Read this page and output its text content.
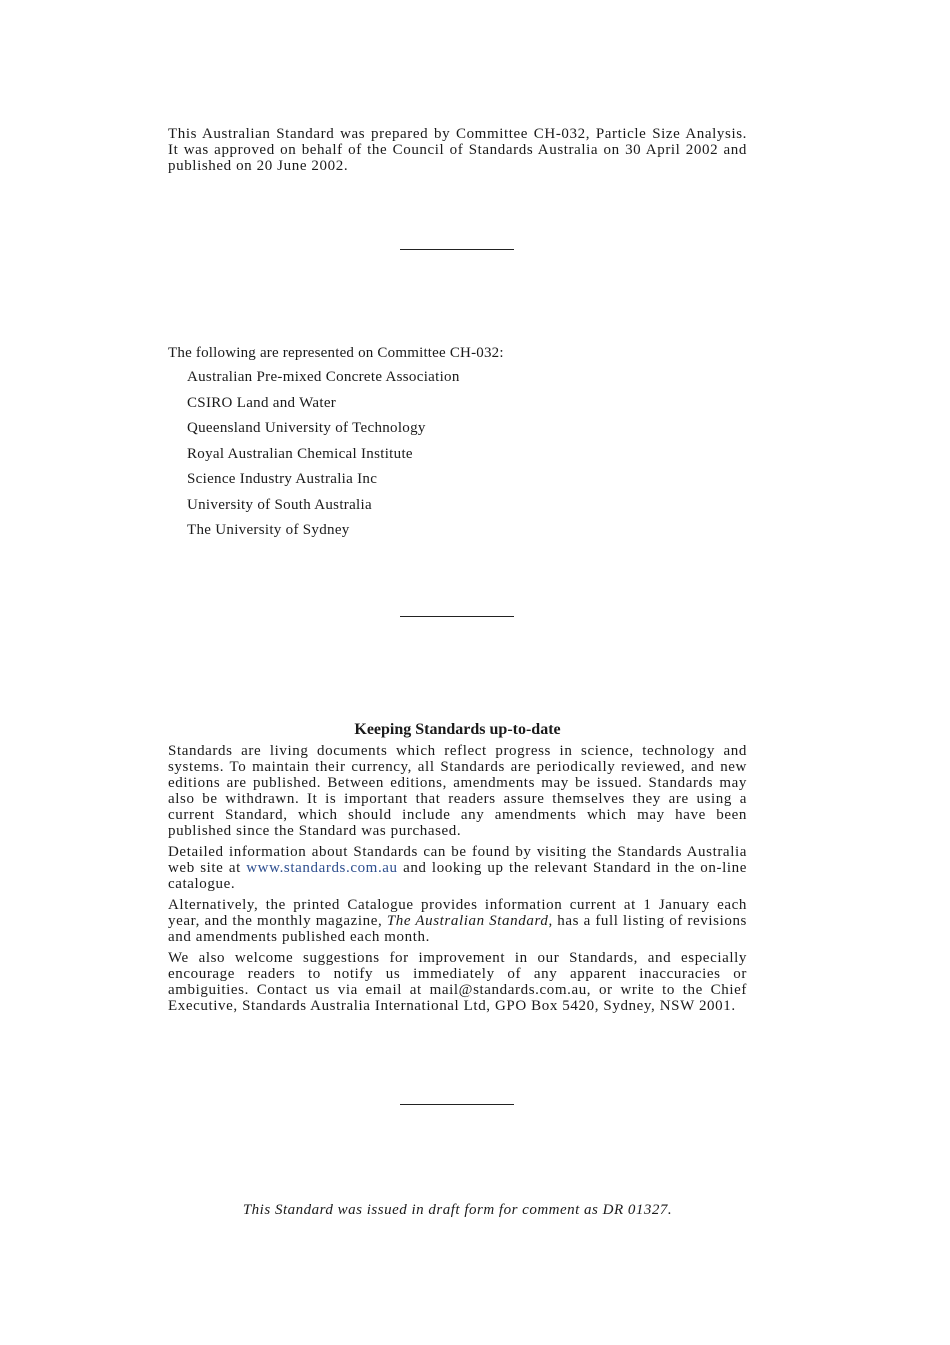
This Australian Standard was prepared by Committee CH-032, Particle Size Analysis. It was approved on behalf of the Council of Standards Australia on 30 April 2002 and published on 20 June 2002.
The following are represented on Committee CH-032:
Australian Pre-mixed Concrete Association
CSIRO Land and Water
Queensland University of Technology
Royal Australian Chemical Institute
Science Industry Australia Inc
University of South Australia
The University of Sydney
Keeping Standards up-to-date

Standards are living documents which reflect progress in science, technology and systems. To maintain their currency, all Standards are periodically reviewed, and new editions are published. Between editions, amendments may be issued. Standards may also be withdrawn. It is important that readers assure themselves they are using a current Standard, which should include any amendments which may have been published since the Standard was purchased.

Detailed information about Standards can be found by visiting the Standards Australia web site at www.standards.com.au and looking up the relevant Standard in the on-line catalogue.

Alternatively, the printed Catalogue provides information current at 1 January each year, and the monthly magazine, The Australian Standard, has a full listing of revisions and amendments published each month.

We also welcome suggestions for improvement in our Standards, and especially encourage readers to notify us immediately of any apparent inaccuracies or ambiguities. Contact us via email at mail@standards.com.au, or write to the Chief Executive, Standards Australia International Ltd, GPO Box 5420, Sydney, NSW 2001.

This Standard was issued in draft form for comment as DR 01327.
